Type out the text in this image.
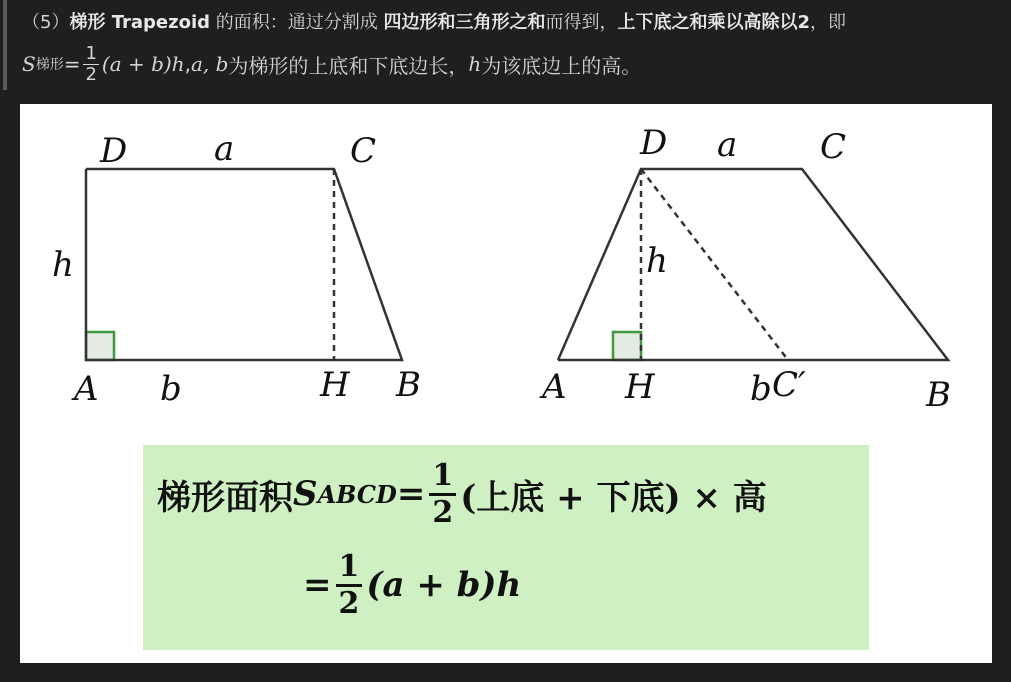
（5）梯形 Trapezoid 的面积：通过分割成 四边形和三角形之和而得到，上下底之和乘以高除以2，即
S 梯形 = $\frac{1}{2} (a + b)h$ , a, b 为梯形的上底和下底边长， h 为该底边上的高。
D	a	C
h
A b	H B
D a C
h
A H	b C′	B
梯形面积 S ABCD = $\frac{1}{2}$ (上底 + 下底) × 高
= $\frac{1}{2} (a + b)h$
